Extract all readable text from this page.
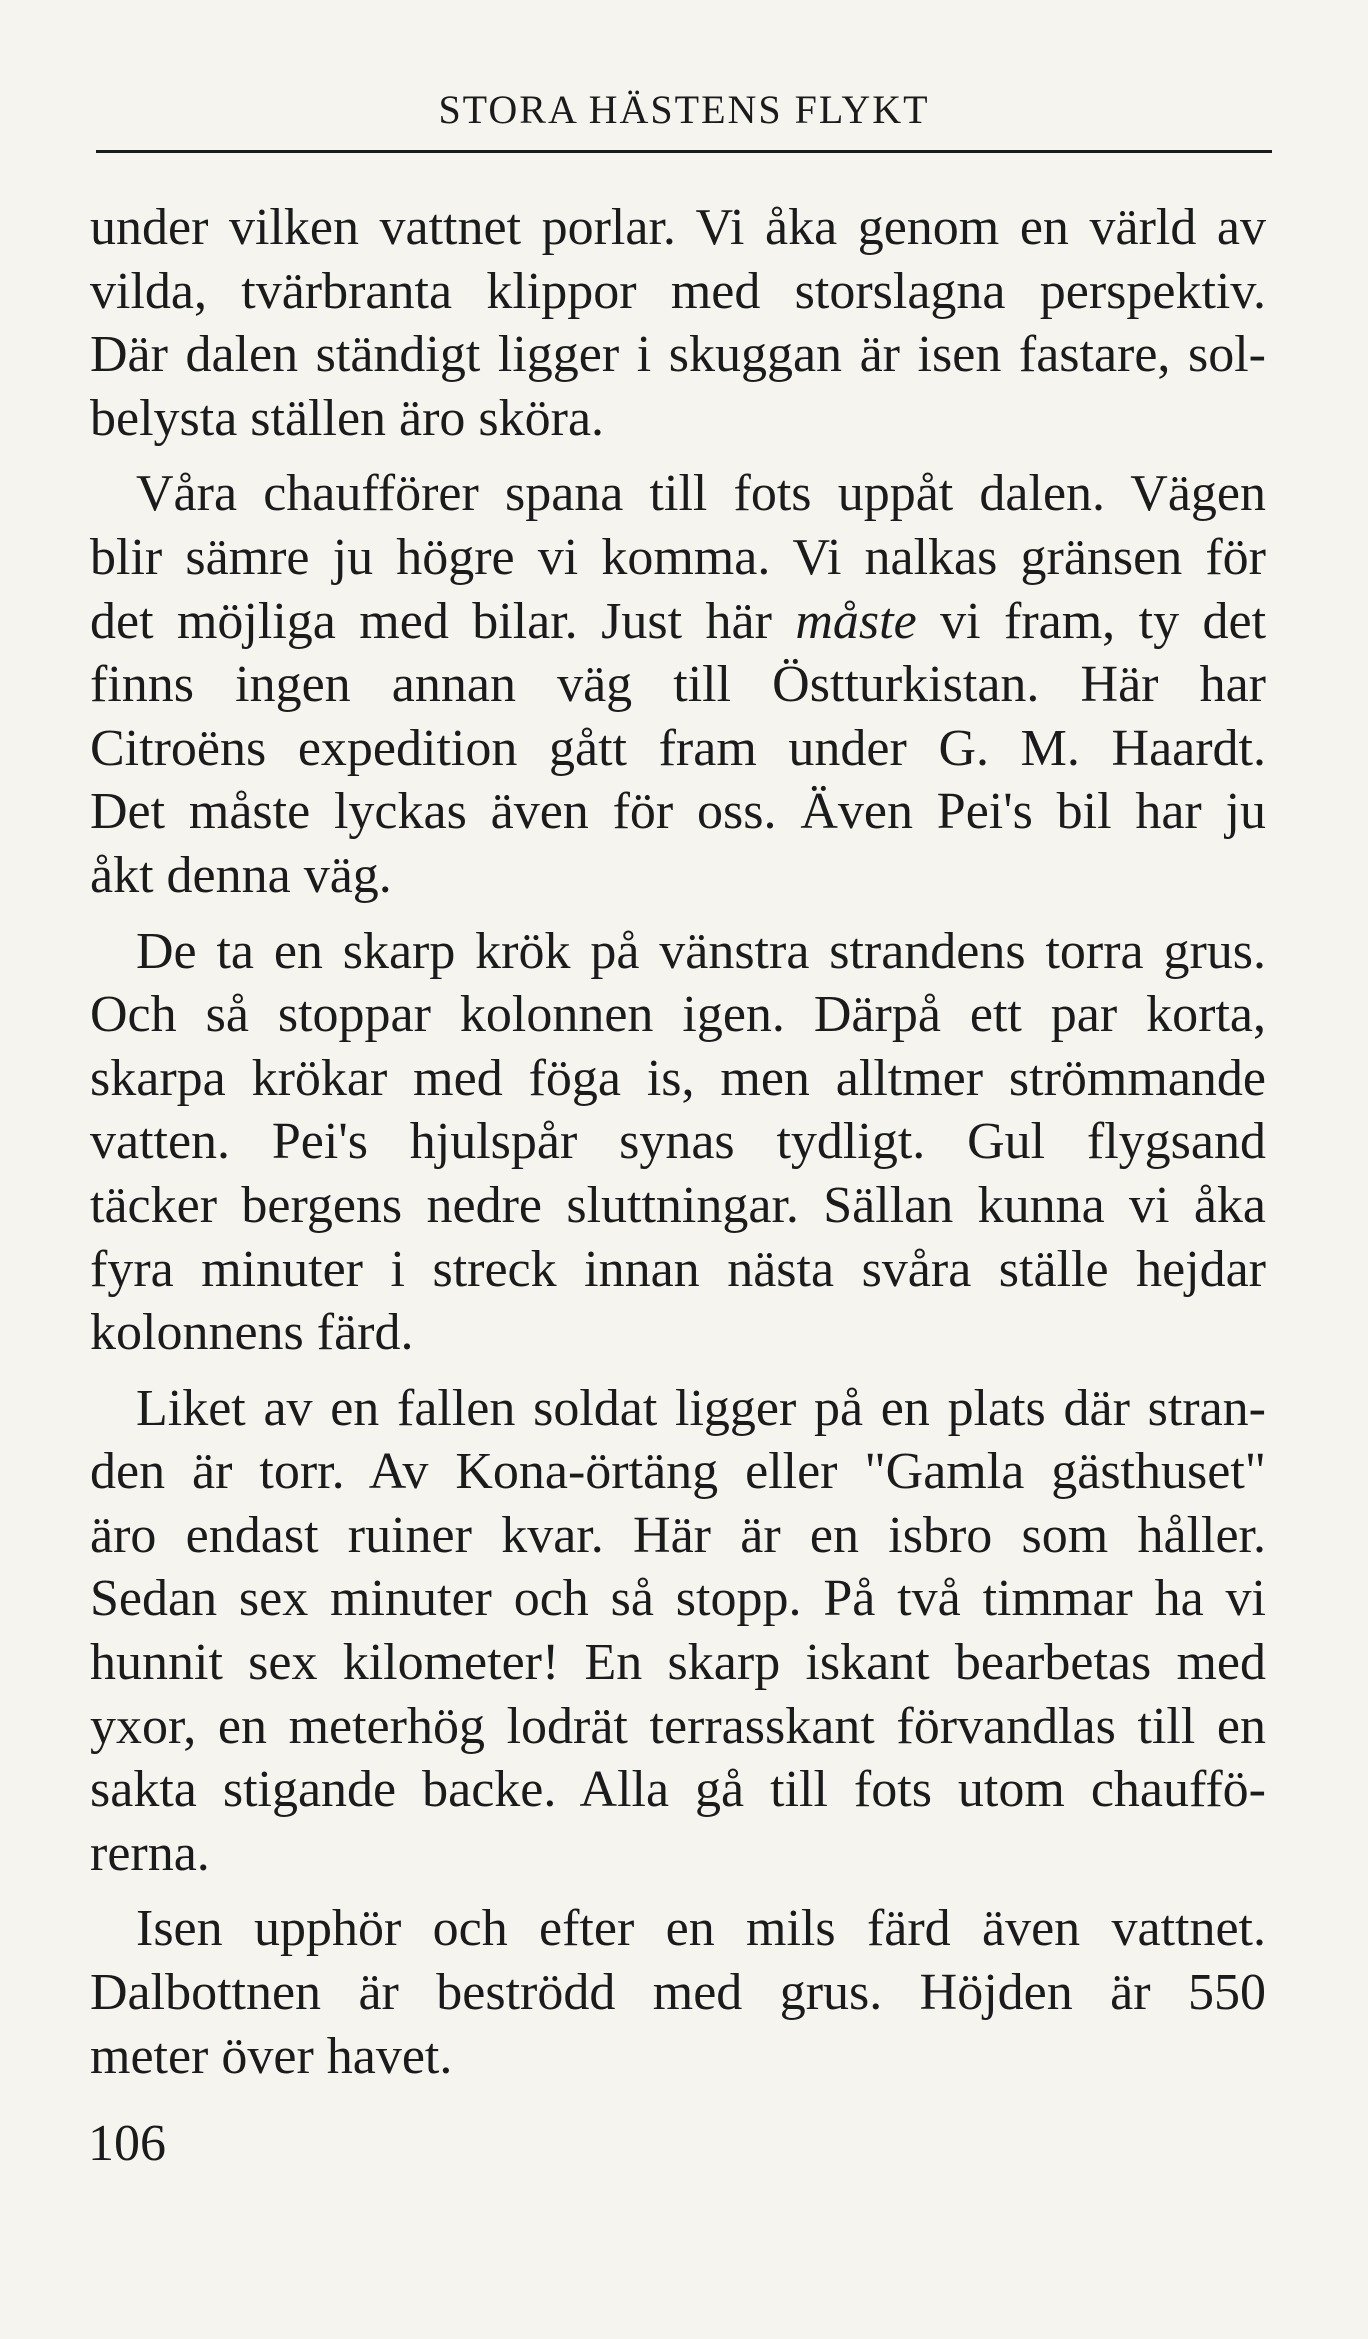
STORA HÄSTENS FLYKT
under vilken vattnet porlar. Vi åka genom en värld av
vilda, tvärbranta klippor med storslagna perspektiv.
Där dalen ständigt ligger i skuggan är isen fastare, sol-
belysta ställen äro sköra.
Våra chaufförer spana till fots uppåt dalen. Vägen
blir sämre ju högre vi komma. Vi nalkas gränsen för
det möjliga med bilar. Just här måste vi fram, ty det
finns ingen annan väg till Östturkistan. Här har
Citroëns expedition gått fram under G. M. Haardt.
Det måste lyckas även för oss. Även Pei's bil har ju
åkt denna väg.
De ta en skarp krök på vänstra strandens torra grus.
Och så stoppar kolonnen igen. Därpå ett par korta,
skarpa krökar med föga is, men alltmer strömmande
vatten. Pei's hjulspår synas tydligt. Gul flygsand
täcker bergens nedre sluttningar. Sällan kunna vi åka
fyra minuter i streck innan nästa svåra ställe hejdar
kolonnens färd.
Liket av en fallen soldat ligger på en plats där stran-
den är torr. Av Kona-örtäng eller "Gamla gästhuset"
äro endast ruiner kvar. Här är en isbro som håller.
Sedan sex minuter och så stopp. På två timmar ha vi
hunnit sex kilometer! En skarp iskant bearbetas med
yxor, en meterhög lodrät terrasskant förvandlas till en
sakta stigande backe. Alla gå till fots utom chauffö-
rerna.
Isen upphör och efter en mils färd även vattnet.
Dalbottnen är beströdd med grus. Höjden är 550
meter över havet.
106
